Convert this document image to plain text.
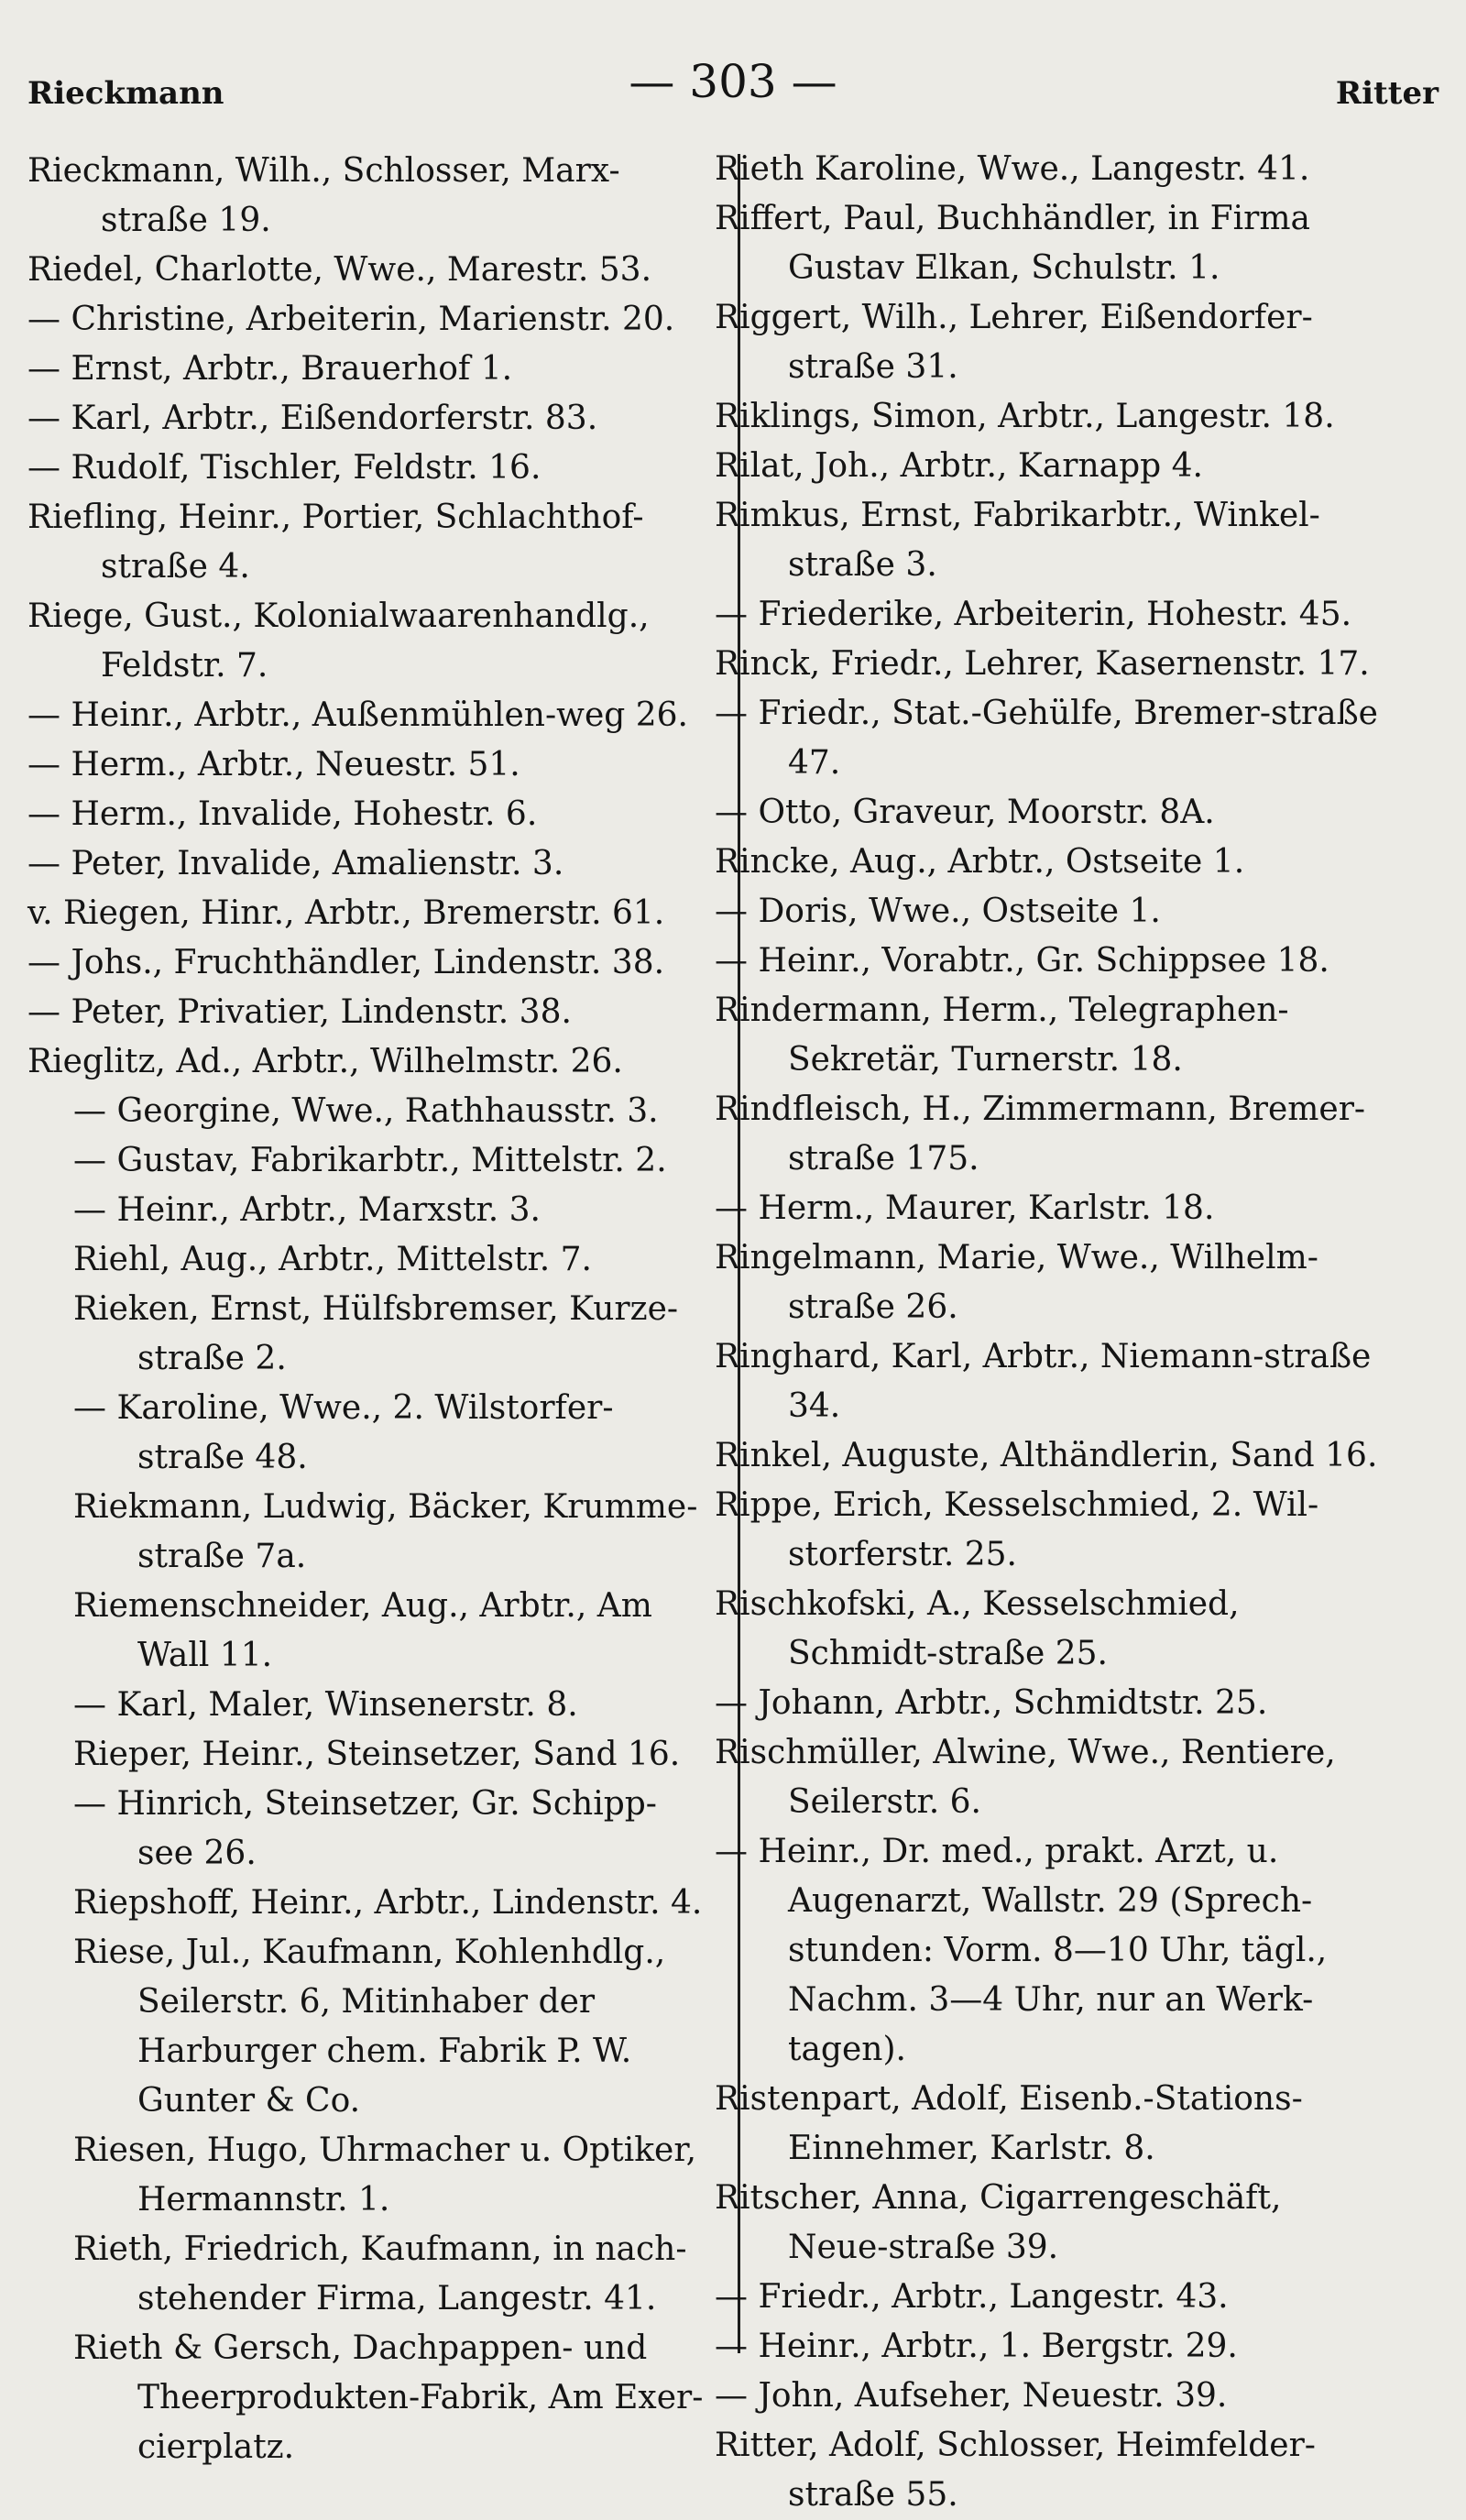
Rieckmann	— 303 —	Ritter

Rieckmann, Wilh., Schlosser, Marx-straße 19.

Riedel, Charlotte, Wwe., Marestr. 53.

— Christine, Arbeiterin, Marienstr. 20.

— Ernst, Arbtr., Brauerhof 1.

— Karl, Arbtr., Eißendorferstr. 83.

— Rudolf, Tischler, Feldstr. 16.

Riefling, Heinr., Portier, Schlachthof-straße 4.

Riege, Gust., Kolonialwaarenhandlg., Feldstr. 7.

— Heinr., Arbtr., Außenmühlen-weg 26.

— Herm., Arbtr., Neuestr. 51.

— Herm., Invalide, Hohestr. 6.

— Peter, Invalide, Amalienstr. 3.

v. Riegen, Hinr., Arbtr., Bremerstr. 61.

— Johs., Fruchthändler, Lindenstr. 38.

— Peter, Privatier, Lindenstr. 38.

Rieglitz, Ad., Arbtr., Wilhelmstr. 26.

— Georgine, Wwe., Rathhausstr. 3.

— Gustav, Fabrikarbtr., Mittelstr. 2.

— Heinr., Arbtr., Marxstr. 3.

Riehl, Aug., Arbtr., Mittelstr. 7.

Rieken, Ernst, Hülfsbremser, Kurze-straße 2.

— Karoline, Wwe., 2. Wilstorfer-straße 48.

Riekmann, Ludwig, Bäcker, Krumme-straße 7a.

Riemenschneider, Aug., Arbtr., Am Wall 11.

— Karl, Maler, Winsenerstr. 8.

Rieper, Heinr., Steinsetzer, Sand 16.

— Hinrich, Steinsetzer, Gr. Schipp-see 26.

Riepshoff, Heinr., Arbtr., Lindenstr. 4.

Riese, Jul., Kaufmann, Kohlenhdlg., Seilerstr. 6, Mitinhaber der Harburger chem. Fabrik P. W. Gunter & Co.

Riesen, Hugo, Uhrmacher u. Optiker, Hermannstr. 1.

Rieth, Friedrich, Kaufmann, in nach-stehender Firma, Langestr. 41.

Rieth & Gersch, Dachpappen- und Theerprodukten-Fabrik, Am Exer-cierplatz.

Rieth Karoline, Wwe., Langestr. 41.

Riffert, Paul, Buchhändler, in Firma Gustav Elkan, Schulstr. 1.

Riggert, Wilh., Lehrer, Eißendorfer-straße 31.

Riklings, Simon, Arbtr., Langestr. 18.

Rilat, Joh., Arbtr., Karnapp 4.

Rimkus, Ernst, Fabrikarbtr., Winkel-straße 3.

— Friederike, Arbeiterin, Hohestr. 45.

Rinck, Friedr., Lehrer, Kasernenstr. 17.

— Friedr., Stat.-Gehülfe, Bremer-straße 47.

— Otto, Graveur, Moorstr. 8A.

Rincke, Aug., Arbtr., Ostseite 1.

— Doris, Wwe., Ostseite 1.

— Heinr., Vorabtr., Gr. Schippsee 18.

Rindermann, Herm., Telegraphen-Sekretär, Turnerstr. 18.

Rindfleisch, H., Zimmermann, Bremer-straße 175.

— Herm., Maurer, Karlstr. 18.

Ringelmann, Marie, Wwe., Wilhelm-straße 26.

Ringhard, Karl, Arbtr., Niemann-straße 34.

Rinkel, Auguste, Althändlerin, Sand 16.

Rippe, Erich, Kesselschmied, 2. Wil-storferstr. 25.

Rischkofski, A., Kesselschmied, Schmidt-straße 25.

— Johann, Arbtr., Schmidtstr. 25.

Rischmüller, Alwine, Wwe., Rentiere, Seilerstr. 6.

— Heinr., Dr. med., prakt. Arzt, u. Augenarzt, Wallstr. 29 (Sprech-stunden: Vorm. 8—10 Uhr, tägl., Nachm. 3—4 Uhr, nur an Werk-tagen).

Ristenpart, Adolf, Eisenb.-Stations-Einnehmer, Karlstr. 8.

Ritscher, Anna, Cigarrengeschäft, Neue-straße 39.

— Friedr., Arbtr., Langestr. 43.

— Heinr., Arbtr., 1. Bergstr. 29.

— John, Aufseher, Neuestr. 39.

Ritter, Adolf, Schlosser, Heimfelder-straße 55.
